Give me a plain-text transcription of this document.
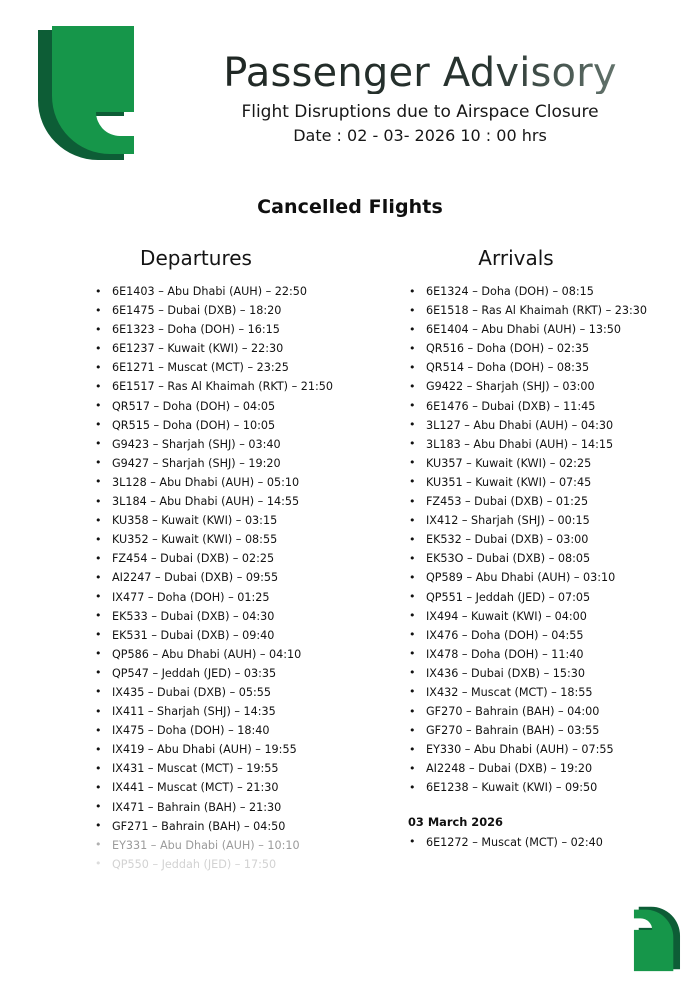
Passenger Advisory

Flight Disruptions due to Airspace Closure

Date : 02 - 03- 2026 10 : 00 hrs

Cancelled Flights
Departures
• 6E1403 – Abu Dhabi (AUH) – 22:50
• 6E1475 – Dubai (DXB) – 18:20
• 6E1323 – Doha (DOH) – 16:15
• 6E1237 – Kuwait (KWI) – 22:30
• 6E1271 – Muscat (MCT) – 23:25
• 6E1517 – Ras Al Khaimah (RKT) – 21:50
• QR517 – Doha (DOH) – 04:05
• QR515 – Doha (DOH) – 10:05
• G9423 – Sharjah (SHJ) – 03:40
• G9427 – Sharjah (SHJ) – 19:20
• 3L128 – Abu Dhabi (AUH) – 05:10
• 3L184 – Abu Dhabi (AUH) – 14:55
• KU358 – Kuwait (KWI) – 03:15
• KU352 – Kuwait (KWI) – 08:55
• FZ454 – Dubai (DXB) – 02:25
• AI2247 – Dubai (DXB) – 09:55
• IX477 – Doha (DOH) – 01:25
• EK533 – Dubai (DXB) – 04:30
• EK531 – Dubai (DXB) – 09:40
• QP586 – Abu Dhabi (AUH) – 04:10
• QP547 – Jeddah (JED) – 03:35
• IX435 – Dubai (DXB) – 05:55
• IX411 – Sharjah (SHJ) – 14:35
• IX475 – Doha (DOH) – 18:40
• IX419 – Abu Dhabi (AUH) – 19:55
• IX431 – Muscat (MCT) – 19:55
• IX441 – Muscat (MCT) – 21:30
• IX471 – Bahrain (BAH) – 21:30
• GF271 – Bahrain (BAH) – 04:50
• EY331 – Abu Dhabi (AUH) – 10:10
• QP550 – Jeddah (JED) – 17:50
Arrivals
• 6E1324 – Doha (DOH) – 08:15
• 6E1518 – Ras Al Khaimah (RKT) – 23:30
• 6E1404 – Abu Dhabi (AUH) – 13:50
• QR516 – Doha (DOH) – 02:35
• QR514 – Doha (DOH) – 08:35
• G9422 – Sharjah (SHJ) – 03:00
• 6E1476 – Dubai (DXB) – 11:45
• 3L127 – Abu Dhabi (AUH) – 04:30
• 3L183 – Abu Dhabi (AUH) – 14:15
• KU357 – Kuwait (KWI) – 02:25
• KU351 – Kuwait (KWI) – 07:45
• FZ453 – Dubai (DXB) – 01:25
• IX412 – Sharjah (SHJ) – 00:15
• EK532 – Dubai (DXB) – 03:00
• EK53O – Dubai (DXB) – 08:05
• QP589 – Abu Dhabi (AUH) – 03:10
• QP551 – Jeddah (JED) – 07:05
• IX494 – Kuwait (KWI) – 04:00
• IX476 – Doha (DOH) – 04:55
• IX478 – Doha (DOH) – 11:40
• IX436 – Dubai (DXB) – 15:30
• IX432 – Muscat (MCT) – 18:55
• GF270 – Bahrain (BAH) – 04:00
• GF270 – Bahrain (BAH) – 03:55
• EY330 – Abu Dhabi (AUH) – 07:55
• AI2248 – Dubai (DXB) – 19:20
• 6E1238 – Kuwait (KWI) – 09:50
03 March 2026
• 6E1272 – Muscat (MCT) – 02:40
